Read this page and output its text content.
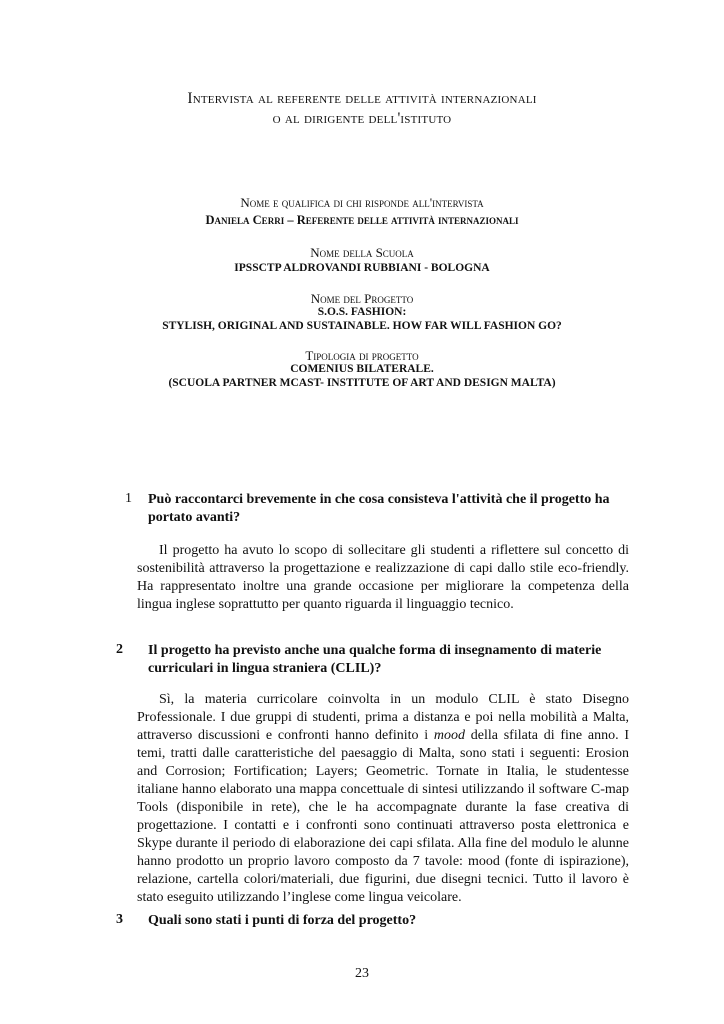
Intervista al referente delle attività internazionali
o al dirigente dell'istituto
Nome e qualifica di chi risponde all'intervista
Daniela Cerri – Referente delle attività internazionali
Nome della Scuola
IPSSCTP ALDROVANDI RUBBIANI - BOLOGNA
Nome del Progetto
S.O.S. FASHION:
STYLISH, ORIGINAL AND SUSTAINABLE. HOW FAR WILL FASHION GO?
Tipologia di progetto
COMENIUS BILATERALE.
(SCUOLA PARTNER MCAST- INSTITUTE OF ART AND DESIGN MALTA)
1 Può raccontarci brevemente in che cosa consisteva l'attività che il progetto ha portato avanti?

Il progetto ha avuto lo scopo di sollecitare gli studenti a riflettere sul concetto di sostenibilità attraverso la progettazione e realizzazione di capi dallo stile eco-friendly. Ha rappresentato inoltre una grande occasione per migliorare la competenza della lingua inglese soprattutto per quanto riguarda il linguaggio tecnico.

2 Il progetto ha previsto anche una qualche forma di insegnamento di materie curriculari in lingua straniera (CLIL)?

Sì, la materia curricolare coinvolta in un modulo CLIL è stato Disegno Professionale. I due gruppi di studenti, prima a distanza e poi nella mobilità a Malta, attraverso discussioni e confronti hanno definito i mood della sfilata di fine anno. I temi, tratti dalle caratteristiche del paesaggio di Malta, sono stati i seguenti: Erosion and Corrosion; Fortification; Layers; Geometric. Tornate in Italia, le studentesse italiane hanno elaborato una mappa concettuale di sintesi utilizzando il software C-map Tools (disponibile in rete), che le ha accompagnate durante la fase creativa di progettazione. I contatti e i confronti sono continuati attraverso posta elettronica e Skype durante il periodo di elaborazione dei capi sfilata. Alla fine del modulo le alunne hanno prodotto un proprio lavoro composto da 7 tavole: mood (fonte di ispirazione), relazione, cartella colori/materiali, due figurini, due disegni tecnici. Tutto il lavoro è stato eseguito utilizzando l’inglese come lingua veicolare.

3 Quali sono stati i punti di forza del progetto?
23
